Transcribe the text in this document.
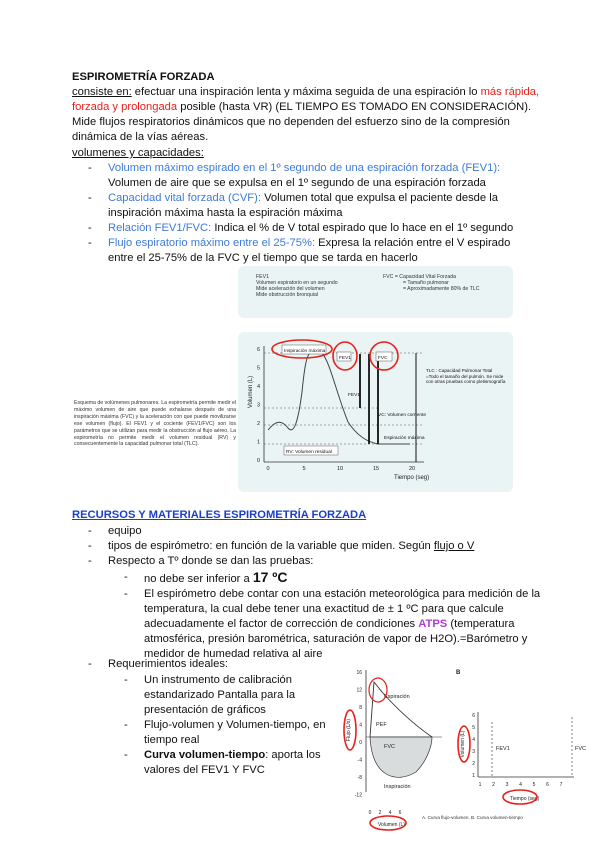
ESPIROMETRÍA FORZADA
consiste en: efectuar una inspiración lenta y máxima seguida de una espiración lo más rápida, forzada y prolongada posible (hasta VR) (EL TIEMPO ES TOMADO EN CONSIDERACIÓN). Mide flujos respiratorios dinámicos que no dependen del esfuerzo sino de la compresión dinámica de la vías aéreas.
volumenes y capacidades:
- Volumen máximo espirado en el 1º segundo de una espiración forzada (FEV1): Volumen de aire que se expulsa en el 1º segundo de una espiración forzada
- Capacidad vital forzada (CVF): Volumen total que expulsa el paciente desde la inspiración máxima hasta la espiración máxima
- Relación FEV1/FVC: Indica el % de V total espirado que lo hace en el 1º segundo
- Flujo espiratorio máximo entre el 25-75%: Expresa la relación entre el V espirado entre el 25-75% de la FVC y el tiempo que se tarda en hacerlo
FEV1
Volumen espiratorio en un segundo
Mide aceleración del volumen
Mide obstrucción bronquial
FVC = Capacidad Vital Forzada
= Tamaño pulmonar
= Aproximadamente 80% de TLC
Esquema de volúmenes pulmonares. La espirometría permite medir el máximo volumen de aire que puede exhalarse después de una inspiración máxima (FVC) y la aceleración con que puede movilizarse ese volumen (flujo). El FEV1 y el cociente (FEV1/FVC) son los parámetros que se utilizan para medir la obstrucción al flujo aéreo. La espirometría no permite medir el volumen residual (RV) y consecuentemente la capacidad pulmonar total (TLC).
6
5
4
3
2
1
0
0	5	10	15	20
Volumen (L)
Tiempo (seg)
Inspiración máxima
FEV1	FVC
FEV1
VC: Volumen corriente
Espiración máxima
RV: Volumen residual
TLC : Capacidad Pulmonar Total =Todo el tamaño del pulmón. Se mide con otras pruebas como pletismografía
RECURSOS Y MATERIALES ESPIROMETRÍA FORZADA
- equipo
- tipos de espirómetro: en función de la variable que miden. Según flujo o V
- Respecto a Tº donde se dan las pruebas:
- no debe ser inferior a 17 ºC
- El espirómetro debe contar con una estación meteorológica para medición de la temperatura, la cual debe tener una exactitud de ± 1 ºC para que calcule adecuadamente el factor de corrección de condiciones ATPS (temperatura atmosférica, presión barométrica, saturación de vapor de H2O).=Barómetro y medidor de humedad relativa al aire
- Requerimientos ideales:
- Un instrumento de calibración estandarizado Pantalla para la presentación de gráficos
- Flujo-volumen y Volumen-tiempo, en tiempo real
- Curva volumen-tiempo: aporta los valores del FEV1 Y FVC
16
12
8
4
0
-4
-8
-12
0 2 4 6
Espiración
PEF
FVC
Inspiración
Flujo (L/s)
Volumen (L)
B
6
5
4
3
2
1
1 2 3 4 5 6 7
FEV1	FVC
Volumen (L)
Tiempo (seg)
A. Curva flujo-volumen. B. Curva volumen-tiempo
